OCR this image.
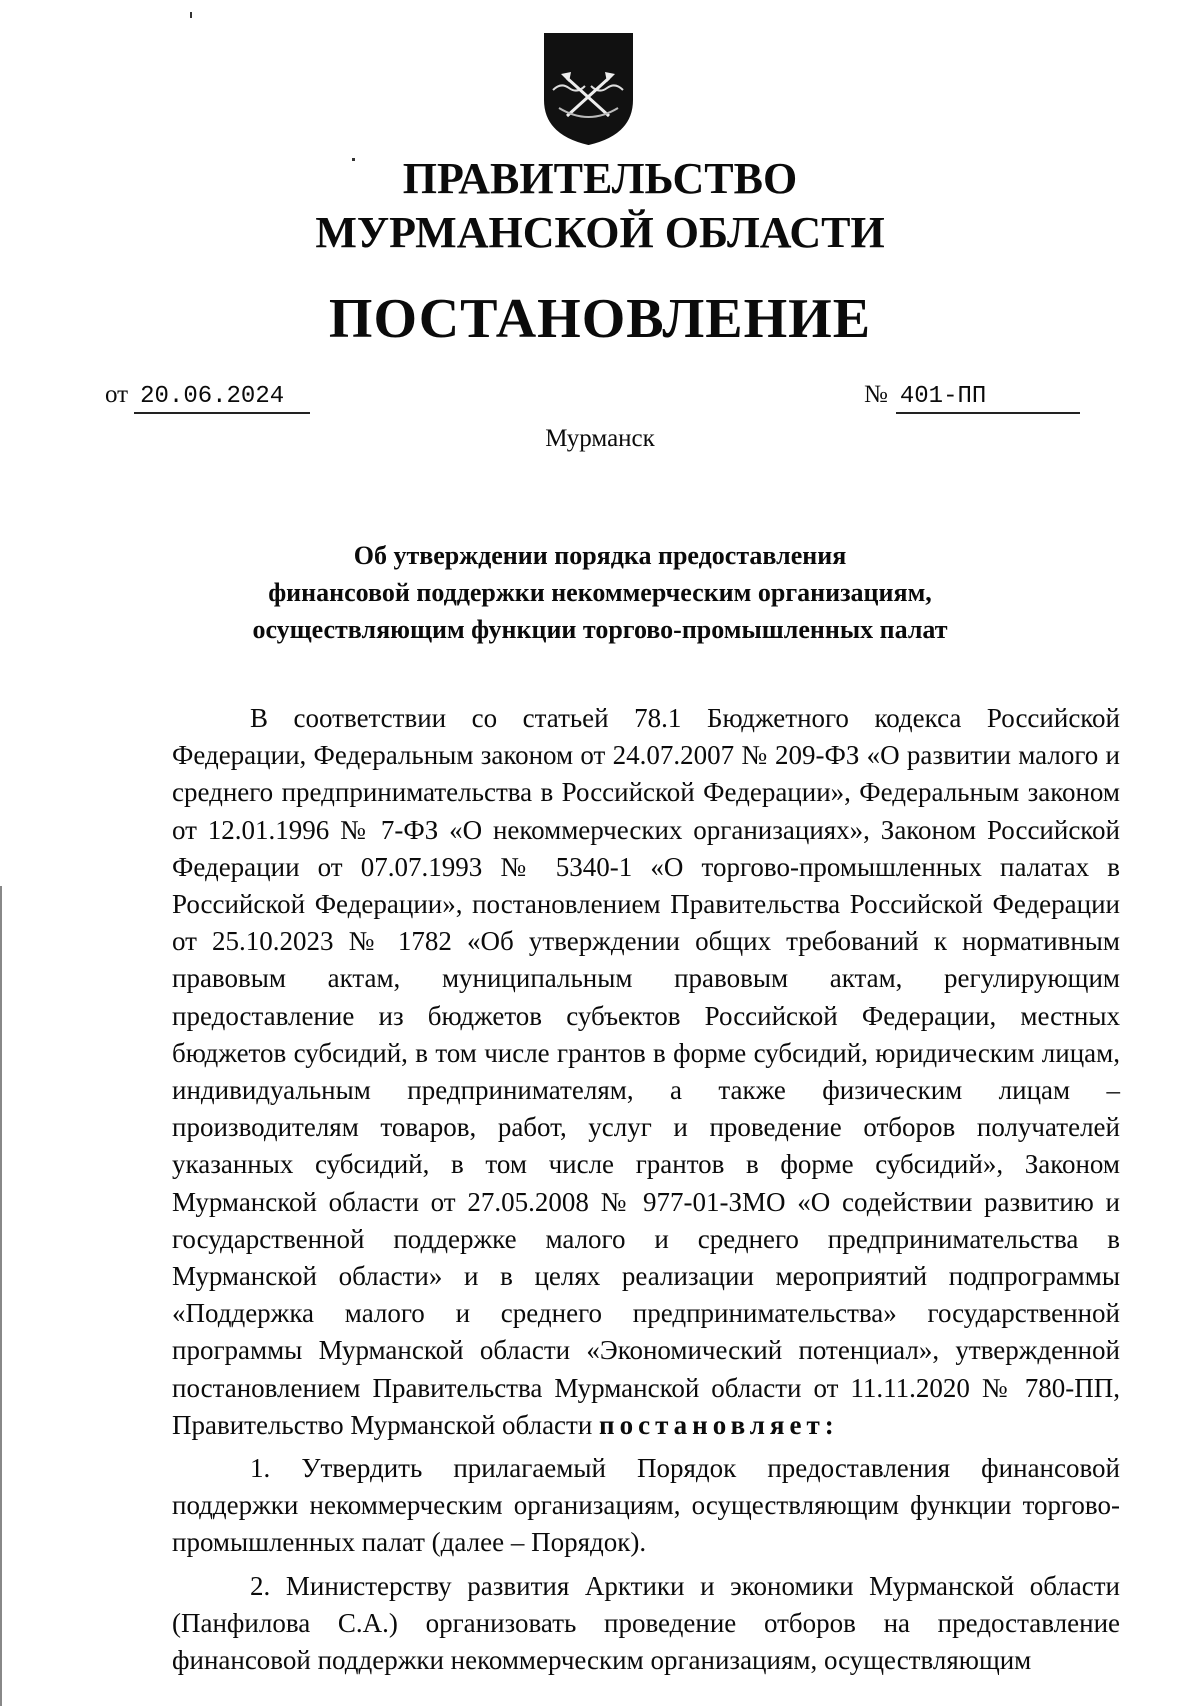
ПРАВИТЕЛЬСТВО
МУРМАНСКОЙ ОБЛАСТИ
ПОСТАНОВЛЕНИЕ
от 20.06.2024	№ 401-ПП
Мурманск
Об утверждении порядка предоставления
финансовой поддержки некоммерческим организациям,
осуществляющим функции торгово-промышленных палат

В соответствии со статьей 78.1 Бюджетного кодекса Российской Федерации, Федеральным законом от 24.07.2007 № 209-ФЗ «О развитии малого и среднего предпринимательства в Российской Федерации», Федеральным законом от 12.01.1996 № 7-ФЗ «О некоммерческих организациях», Законом Российской Федерации от 07.07.1993 № 5340-1 «О торгово-промышленных палатах в Российской Федерации», постановлением Правительства Российской Федерации от 25.10.2023 № 1782 «Об утверждении общих требований к нормативным правовым актам, муниципальным правовым актам, регулирующим предоставление из бюджетов субъектов Российской Федерации, местных бюджетов субсидий, в том числе грантов в форме субсидий, юридическим лицам, индивидуальным предпринимателям, а также физическим лицам – производителям товаров, работ, услуг и проведение отборов получателей указанных субсидий, в том числе грантов в форме субсидий», Законом Мурманской области от 27.05.2008 № 977-01-ЗМО «О содействии развитию и государственной поддержке малого и среднего предпринимательства в Мурманской области» и в целях реализации мероприятий подпрограммы «Поддержка малого и среднего предпринимательства» государственной программы Мурманской области «Экономический потенциал», утвержденной постановлением Правительства Мурманской области от 11.11.2020 № 780-ПП, Правительство Мурманской области постановляет:

1. Утвердить прилагаемый Порядок предоставления финансовой поддержки некоммерческим организациям, осуществляющим функции торгово-промышленных палат (далее – Порядок).

2. Министерству развития Арктики и экономики Мурманской области (Панфилова С.А.) организовать проведение отборов на предоставление финансовой поддержки некоммерческим организациям, осуществляющим
